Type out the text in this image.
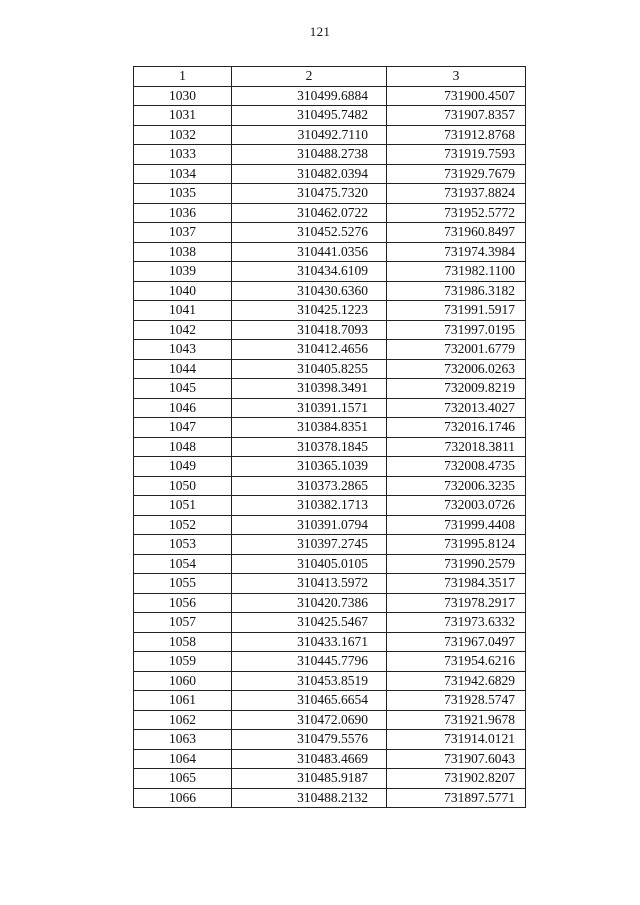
121
1	2	3
1030	310499.6884	731900.4507
1031	310495.7482	731907.8357
1032	310492.7110	731912.8768
1033	310488.2738	731919.7593
1034	310482.0394	731929.7679
1035	310475.7320	731937.8824
1036	310462.0722	731952.5772
1037	310452.5276	731960.8497
1038	310441.0356	731974.3984
1039	310434.6109	731982.1100
1040	310430.6360	731986.3182
1041	310425.1223	731991.5917
1042	310418.7093	731997.0195
1043	310412.4656	732001.6779
1044	310405.8255	732006.0263
1045	310398.3491	732009.8219
1046	310391.1571	732013.4027
1047	310384.8351	732016.1746
1048	310378.1845	732018.3811
1049	310365.1039	732008.4735
1050	310373.2865	732006.3235
1051	310382.1713	732003.0726
1052	310391.0794	731999.4408
1053	310397.2745	731995.8124
1054	310405.0105	731990.2579
1055	310413.5972	731984.3517
1056	310420.7386	731978.2917
1057	310425.5467	731973.6332
1058	310433.1671	731967.0497
1059	310445.7796	731954.6216
1060	310453.8519	731942.6829
1061	310465.6654	731928.5747
1062	310472.0690	731921.9678
1063	310479.5576	731914.0121
1064	310483.4669	731907.6043
1065	310485.9187	731902.8207
1066	310488.2132	731897.5771
